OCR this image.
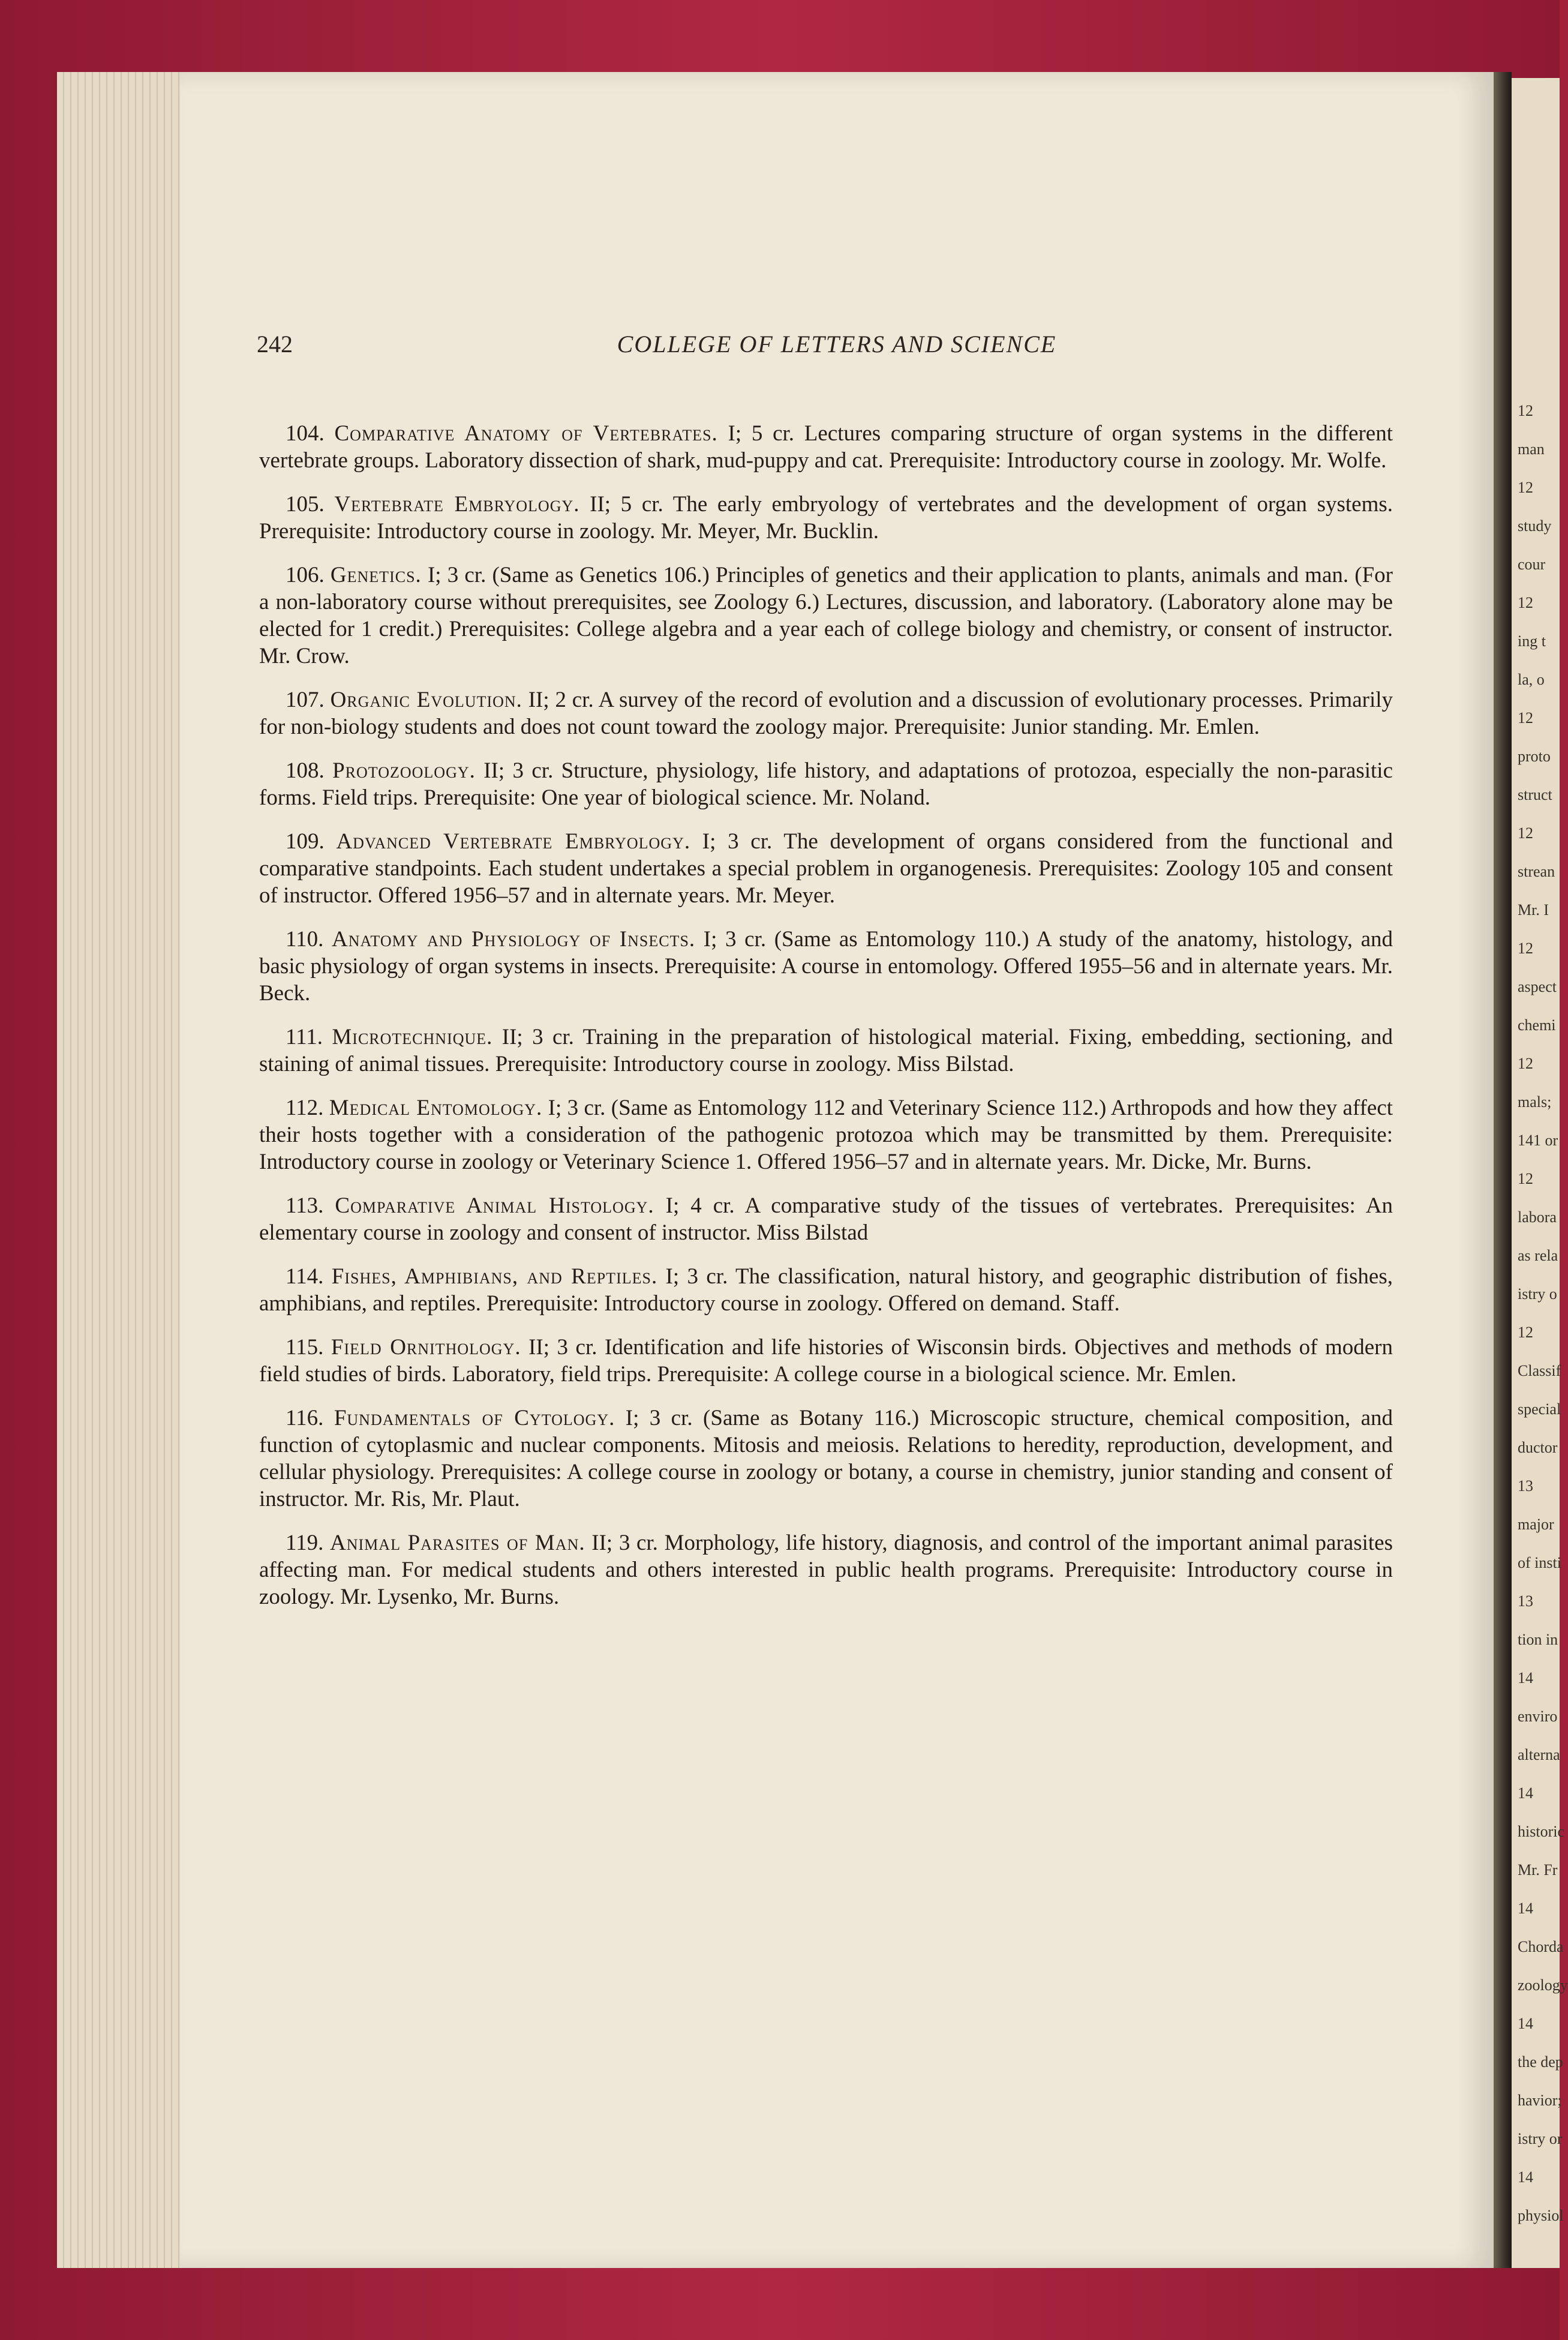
242	COLLEGE OF LETTERS AND SCIENCE

104. Comparative Anatomy of Vertebrates. I; 5 cr. Lectures comparing structure of organ systems in the different vertebrate groups. Laboratory dissection of shark, mud-puppy and cat. Prerequisite: Introductory course in zoology. Mr. Wolfe.

105. Vertebrate Embryology. II; 5 cr. The early embryology of vertebrates and the development of organ systems. Prerequisite: Introductory course in zoology. Mr. Meyer, Mr. Bucklin.

106. Genetics. I; 3 cr. (Same as Genetics 106.) Principles of genetics and their application to plants, animals and man. (For a non-laboratory course without prerequisites, see Zoology 6.) Lectures, discussion, and laboratory. (Laboratory alone may be elected for 1 credit.) Prerequisites: College algebra and a year each of college biology and chemistry, or consent of instructor. Mr. Crow.

107. Organic Evolution. II; 2 cr. A survey of the record of evolution and a discussion of evolutionary processes. Primarily for non-biology students and does not count toward the zoology major. Prerequisite: Junior standing. Mr. Emlen.

108. Protozoology. II; 3 cr. Structure, physiology, life history, and adaptations of protozoa, especially the non-parasitic forms. Field trips. Prerequisite: One year of biological science. Mr. Noland.

109. Advanced Vertebrate Embryology. I; 3 cr. The development of organs considered from the functional and comparative standpoints. Each student undertakes a special problem in organogenesis. Prerequisites: Zoology 105 and consent of instructor. Offered 1956–57 and in alternate years. Mr. Meyer.

110. Anatomy and Physiology of Insects. I; 3 cr. (Same as Entomology 110.) A study of the anatomy, histology, and basic physiology of organ systems in insects. Prerequisite: A course in entomology. Offered 1955–56 and in alternate years. Mr. Beck.

111. Microtechnique. II; 3 cr. Training in the preparation of histological material. Fixing, embedding, sectioning, and staining of animal tissues. Prerequisite: Introductory course in zoology. Miss Bilstad.

112. Medical Entomology. I; 3 cr. (Same as Entomology 112 and Veterinary Science 112.) Arthropods and how they affect their hosts together with a consideration of the pathogenic protozoa which may be transmitted by them. Prerequisite: Introductory course in zoology or Veterinary Science 1. Offered 1956–57 and in alternate years. Mr. Dicke, Mr. Burns.

113. Comparative Animal Histology. I; 4 cr. A comparative study of the tissues of vertebrates. Prerequisites: An elementary course in zoology and consent of instructor. Miss Bilstad

114. Fishes, Amphibians, and Reptiles. I; 3 cr. The classification, natural history, and geographic distribution of fishes, amphibians, and reptiles. Prerequisite: Introductory course in zoology. Offered on demand. Staff.

115. Field Ornithology. II; 3 cr. Identification and life histories of Wisconsin birds. Objectives and methods of modern field studies of birds. Laboratory, field trips. Prerequisite: A college course in a biological science. Mr. Emlen.

116. Fundamentals of Cytology. I; 3 cr. (Same as Botany 116.) Microscopic structure, chemical composition, and function of cytoplasmic and nuclear components. Mitosis and meiosis. Relations to heredity, reproduction, development, and cellular physiology. Prerequisites: A college course in zoology or botany, a course in chemistry, junior standing and consent of instructor. Mr. Ris, Mr. Plaut.

119. Animal Parasites of Man. II; 3 cr. Morphology, life history, diagnosis, and control of the important animal parasites affecting man. For medical students and others interested in public health programs. Prerequisite: Introductory course in zoology. Mr. Lysenko, Mr. Burns.

12
man
12
study
cour
12
ing t
la, o
12
proto
struct
12
strean
Mr. I
12
aspect
chemi
12
mals;
141 or
12
labora
as rela
istry o
12
Classif
special
ductor
13
major
of insti
13
tion in
14
enviro
alterna
14
historic
Mr. Fr
14
Chorda
zoology
14
the dep
havior;
istry or
14
physiol
